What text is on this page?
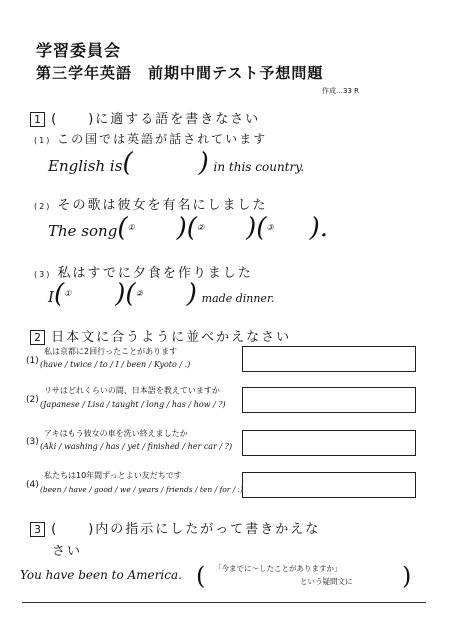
学習委員会
第三学年英語　前期中間テスト予想問題
作成…33 R
1 (　　)に適する語を書きなさい
(1) この国では英語が話されています
English is(	) in this country.
(2) その歌は彼女を有名にしました
The song(① )(② )(③ ).
(3) 私はすでに夕食を作りました
I(① )(② ) made dinner.
2 日本文に合うように並べかえなさい
(1)
私は京都に2回行ったことがあります
(have / twice / to / I / been / Kyoto / .)
(2)
リサはどれくらいの間、日本語を教えていますか
(Japanese / Lisa / taught / long / has / how / ?)
(3)
アキはもう彼女の車を洗い終えましたか
(Aki / washing / has / yet / finished / her car / ?)
(4)
私たちは10年間ずっとよい友だちです
(been / have / good / we / years / friends / ten / for / .)
3 (　　)内の指示にしたがって書きかえな
さい
You have been to America. ( 「今までに～したことがありますか」
という疑問文に )
